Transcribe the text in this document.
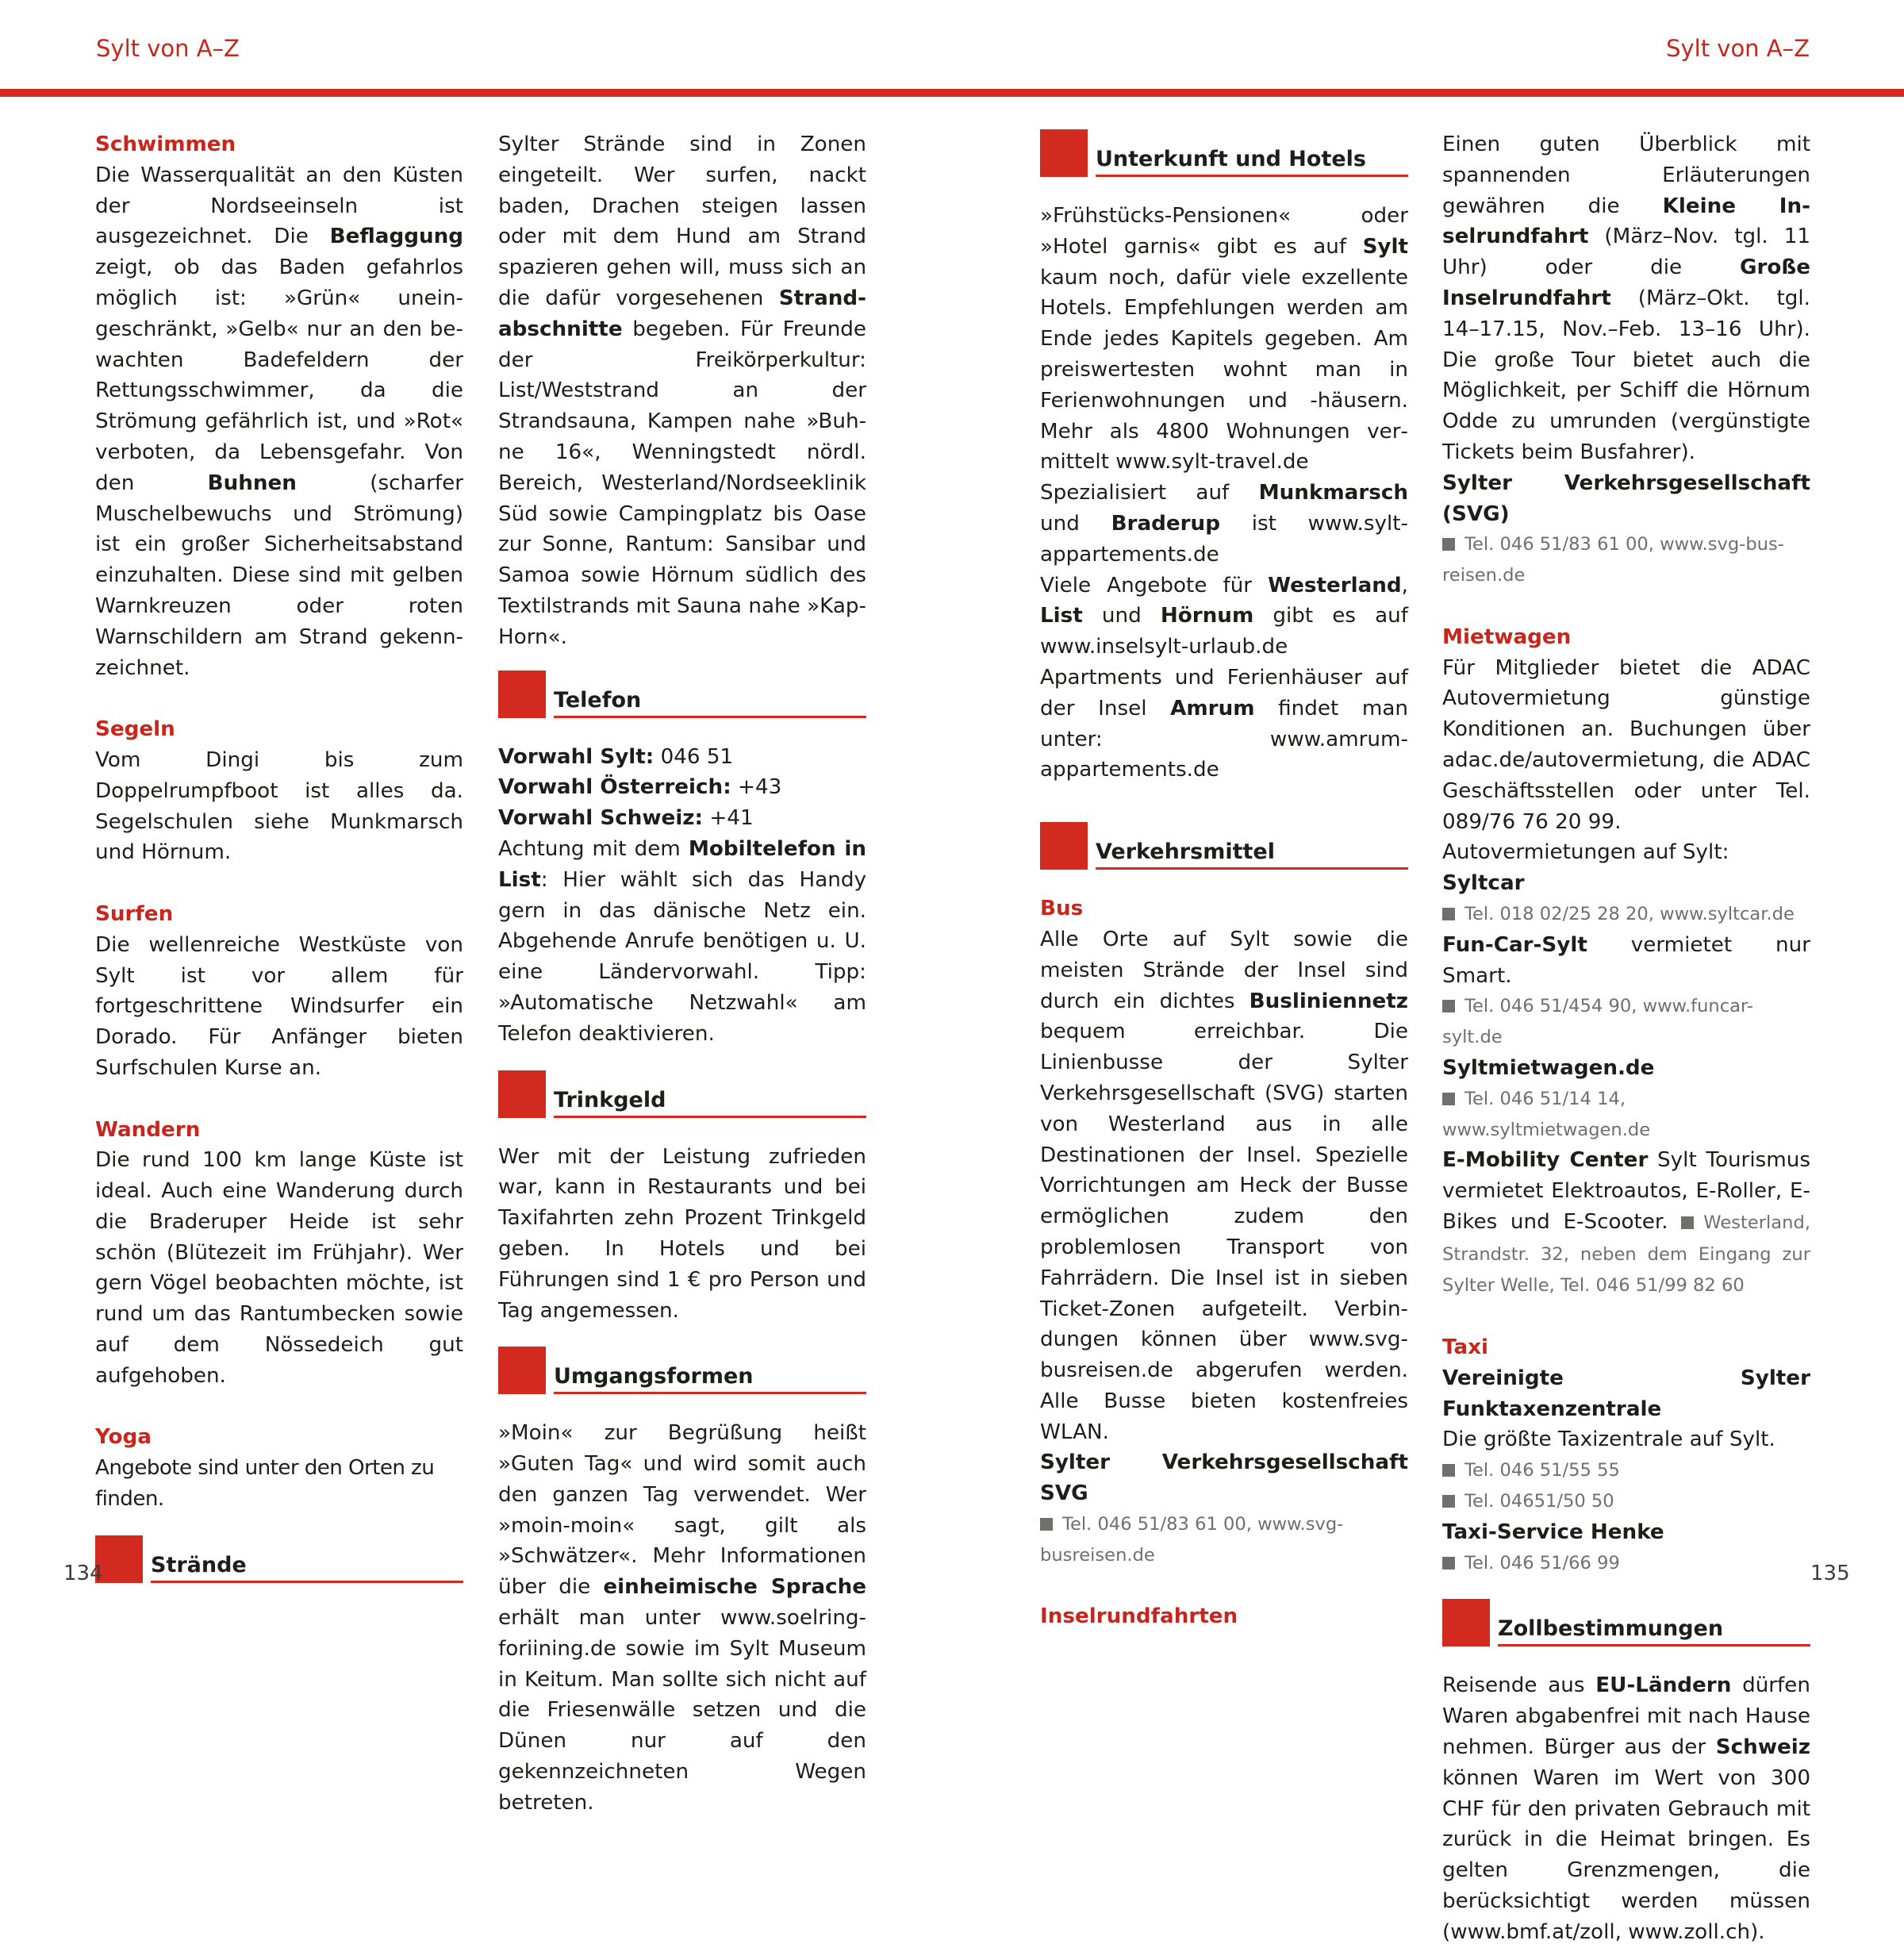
Sylt von A–Z	Sylt von A–Z
Schwimmen

Die Wasserqualität an den Küsten der Nordseeinseln ist ausgezeichnet. Die Beflaggung zeigt, ob das Baden gefahrlos möglich ist: »Grün« uneingeschränkt, »Gelb« nur an den bewachten Badefeldern der Rettungsschwimmer, da die Strömung gefährlich ist, und »Rot« verboten, da Lebensgefahr. Von den Buhnen (scharfer Muschelbewuchs und Strömung) ist ein großer Sicherheitsabstand einzuhalten. Diese sind mit gelben Warnkreuzen oder roten Warnschildern am Strand gekennzeichnet.

Segeln

Vom Dingi bis zum Doppelrumpfboot ist alles da. Segelschulen siehe Munkmarsch und Hörnum.

Surfen

Die wellenreiche Westküste von Sylt ist vor allem für fortgeschrittene Windsurfer ein Dorado. Für Anfänger bieten Surfschulen Kurse an.

Wandern

Die rund 100 km lange Küste ist ideal. Auch eine Wanderung durch die Braderuper Heide ist sehr schön (Blütezeit im Frühjahr). Wer gern Vögel beobachten möchte, ist rund um das Rantumbecken sowie auf dem Nössedeich gut aufgehoben.

Yoga

Angebote sind unter den Orten zu finden.

Strände

Sylter Strände sind in Zonen eingeteilt. Wer surfen, nackt baden, Drachen steigen lassen oder mit dem Hund am Strand spazieren gehen will, muss sich an die dafür vorgesehenen Strandabschnitte begeben. Für Freunde der	Freikörperkultur: List/Weststrand	an	der Strandsauna, Kampen nahe »Buhne 16«, Wenningstedt nördl. Bereich, Westerland/Nordseeklinik Süd sowie Campingplatz bis Oase zur Sonne, Rantum: Sansibar und Samoa sowie Hörnum südlich des Textilstrands mit Sauna nahe »Kap-Horn«.

Telefon

Vorwahl Sylt: 046 51

Vorwahl Österreich: +43

Vorwahl Schweiz: +41

Achtung mit dem Mobiltelefon in List: Hier wählt sich das Handy gern in das dänische Netz ein. Abgehende Anrufe benötigen u. U. eine Ländervorwahl. Tipp: »Automatische Netzwahl« am Telefon deaktivieren.

Trinkgeld

Wer mit der Leistung zufrieden war, kann in Restaurants und bei Taxifahrten zehn Prozent Trinkgeld geben. In Hotels und bei Führungen sind 1 € pro Person und Tag angemessen.

Umgangsformen

»Moin« zur Begrüßung heißt »Guten Tag« und wird somit auch den ganzen Tag verwendet. Wer »moin-moin« sagt, gilt als »Schwätzer«. Mehr Informationen über die einheimische Sprache erhält man unter www.soelring-foriining.de sowie im Sylt Museum in Keitum. Man sollte sich nicht auf die Friesenwälle setzen und die Dünen nur auf den gekennzeichneten Wegen betreten.

Unterkunft und Hotels

»Frühstücks-Pensionen« oder »Hotel garnis« gibt es auf Sylt kaum noch, dafür viele exzellente Hotels. Empfehlungen werden am Ende jedes Kapitels gegeben. Am preiswertesten wohnt man in Ferienwohnungen und -häusern. Mehr als 4800 Wohnungen vermittelt www.sylt-travel.de

Spezialisiert auf Munkmarsch und Braderup ist www.sylt-appartements.de

Viele Angebote für Westerland, List und Hörnum gibt es auf www.inselsylt-urlaub.de

Apartments und Ferienhäuser auf der Insel Amrum findet man unter: www.amrum-appartements.de

Verkehrsmittel
Bus

Alle Orte auf Sylt sowie die meisten Strände der Insel sind durch ein dichtes Busliniennetz bequem erreichbar. Die Linienbusse der Sylter Verkehrsgesellschaft (SVG) starten von Westerland aus in alle Destinationen der Insel. Spezielle Vorrichtungen am Heck der Busse ermöglichen zudem den problemlosen Transport von Fahrrädern. Die Insel ist in sieben Ticket-Zonen aufgeteilt. Verbindungen können über www.svg-busreisen.de abgerufen werden. Alle Busse bieten kostenfreies WLAN.

Sylter Verkehrsgesellschaft SVG

Tel. 046 51/83 61 00, www.svg-busreisen.de

Inselrundfahrten

Einen guten Überblick mit spannenden	Erläuterungen gewähren die Kleine Inselrundfahrt (März–Nov. tgl. 11 Uhr)	oder	die	Große Inselrundfahrt (März–Okt. tgl. 14–17.15, Nov.–Feb. 13–16 Uhr). Die große Tour bietet auch die Möglichkeit, per Schiff die Hörnum Odde zu umrunden (vergünstigte Tickets beim Busfahrer).

Sylter Verkehrsgesellschaft (SVG)

Tel. 046 51/83 61 00, www.svg-busreisen.de

Mietwagen

Für Mitglieder bietet die ADAC Autovermietung günstige Konditionen an. Buchungen über adac.de/autovermietung, die ADAC Geschäftsstellen oder unter Tel. 089/76 76 20 99.

Autovermietungen auf Sylt:

Syltcar

Tel. 018 02/25 28 20, www.syltcar.de

Fun-Car-Sylt vermietet nur Smart.

Tel. 046 51/454 90, www.funcar-sylt.de

Syltmietwagen.de

Tel. 046 51/14 14, www.syltmietwagen.de

E-Mobility Center Sylt Tourismus vermietet Elektroautos, E-Roller, E-Bikes und E-Scooter. Westerland, Strandstr. 32, neben dem Eingang zur Sylter Welle, Tel. 046 51/99 82 60

Taxi

Vereinigte Sylter Funktaxenzentrale

Die größte Taxizentrale auf Sylt.

Tel. 046 51/55 55

Tel. 04651/50 50

Taxi-Service Henke

Tel. 046 51/66 99

Zollbestimmungen

Reisende aus EU-Ländern dürfen Waren abgabenfrei mit nach Hause nehmen. Bürger aus der Schweiz können Waren im Wert von 300 CHF für den privaten Gebrauch mit zurück in die Heimat bringen. Es gelten Grenzmengen, die berücksichtigt werden müssen (www.bmf.at/zoll, www.zoll.ch).

134	135
